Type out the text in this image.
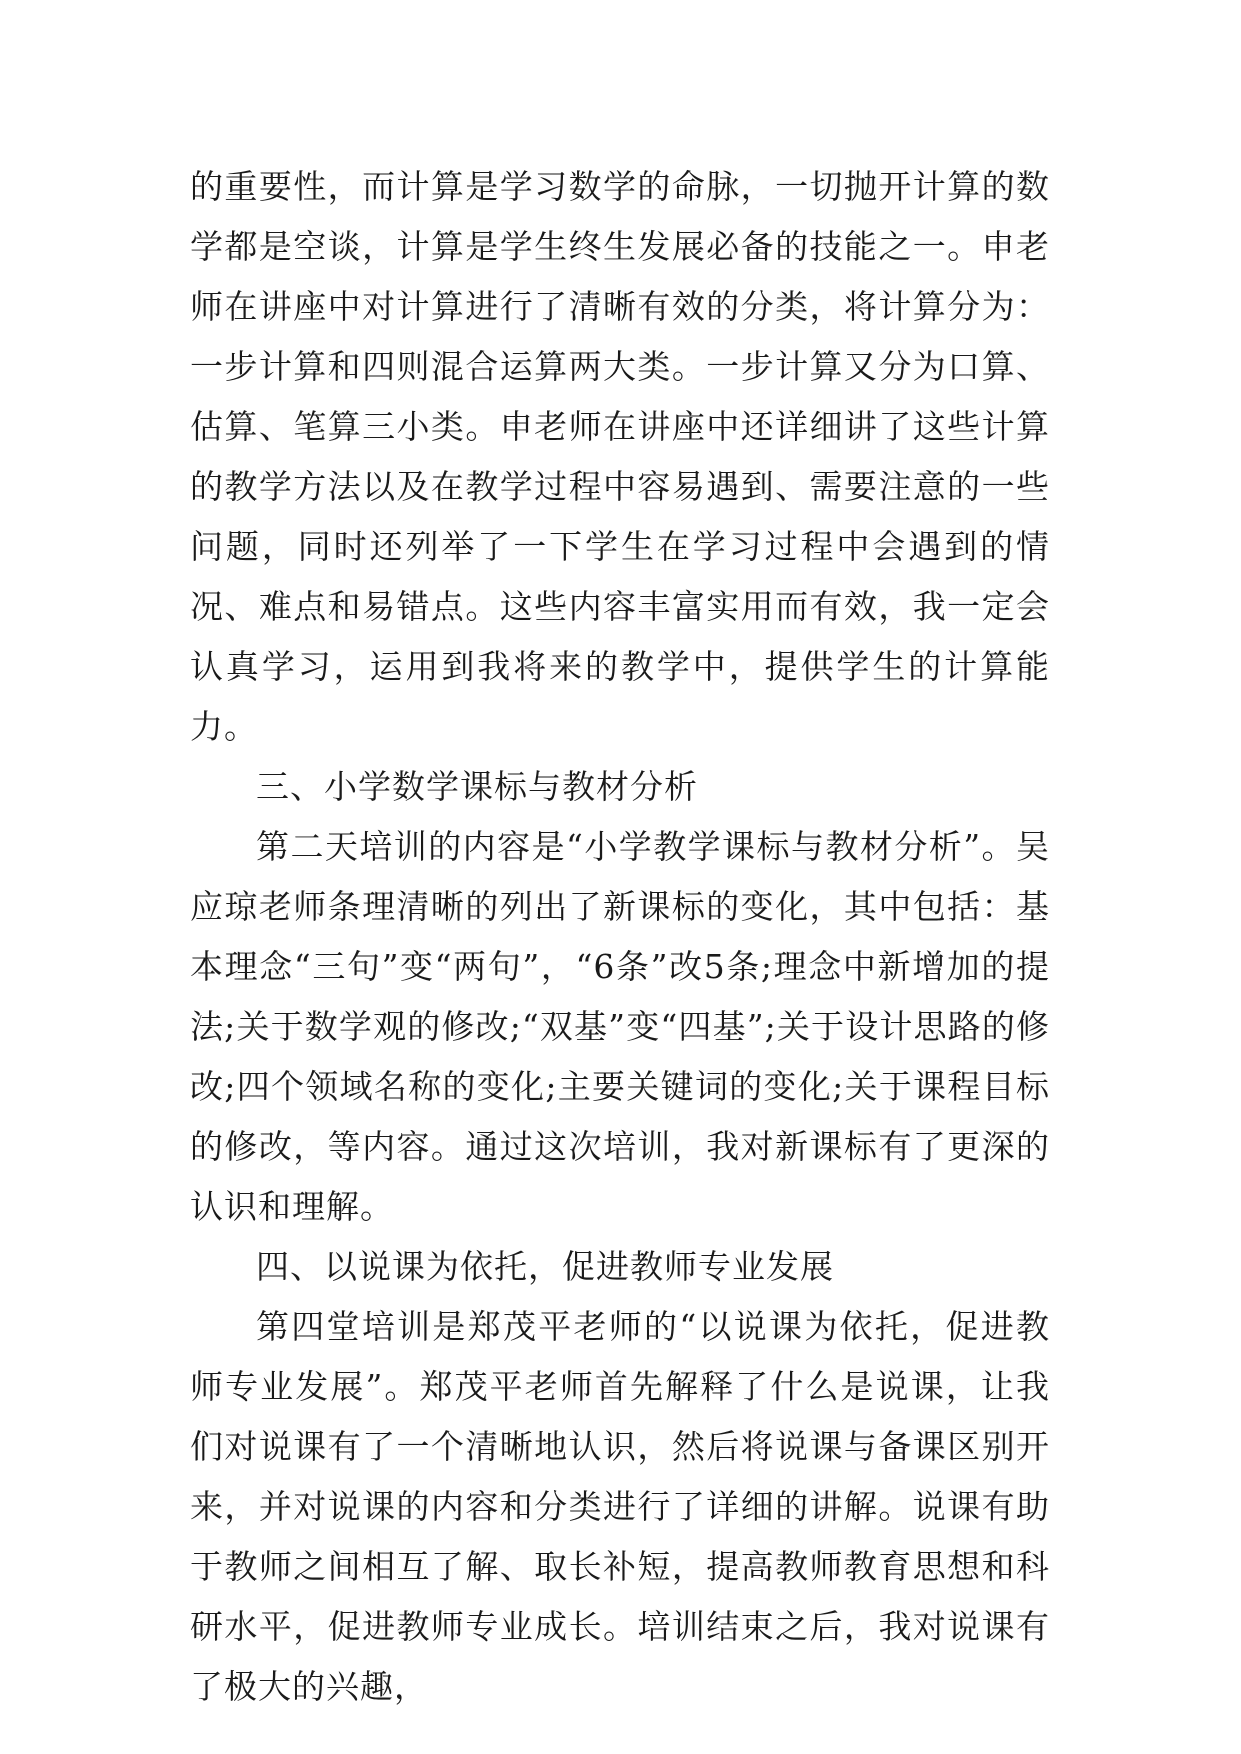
的重要性，而计算是学习数学的命脉，一切抛开计算的数学都是空谈，计算是学生终生发展必备的技能之一。申老师在讲座中对计算进行了清晰有效的分类，将计算分为：一步计算和四则混合运算两大类。一步计算又分为口算、估算、笔算三小类。申老师在讲座中还详细讲了这些计算的教学方法以及在教学过程中容易遇到、需要注意的一些问题，同时还列举了一下学生在学习过程中会遇到的情况、难点和易错点。这些内容丰富实用而有效，我一定会认真学习，运用到我将来的教学中，提供学生的计算能力。

三、小学数学课标与教材分析

第二天培训的内容是“小学教学课标与教材分析”。吴应琼老师条理清晰的列出了新课标的变化，其中包括：基本理念“三句”变“两句”，“6条”改5条;理念中新增加的提法;关于数学观的修改;“双基”变“四基”;关于设计思路的修改;四个领域名称的变化;主要关键词的变化;关于课程目标的修改，等内容。通过这次培训，我对新课标有了更深的认识和理解。

四、以说课为依托，促进教师专业发展

第四堂培训是郑茂平老师的“以说课为依托，促进教师专业发展”。郑茂平老师首先解释了什么是说课，让我们对说课有了一个清晰地认识，然后将说课与备课区别开来，并对说课的内容和分类进行了详细的讲解。说课有助于教师之间相互了解、取长补短，提高教师教育思想和科研水平，促进教师专业成长。培训结束之后，我对说课有了极大的兴趣，
